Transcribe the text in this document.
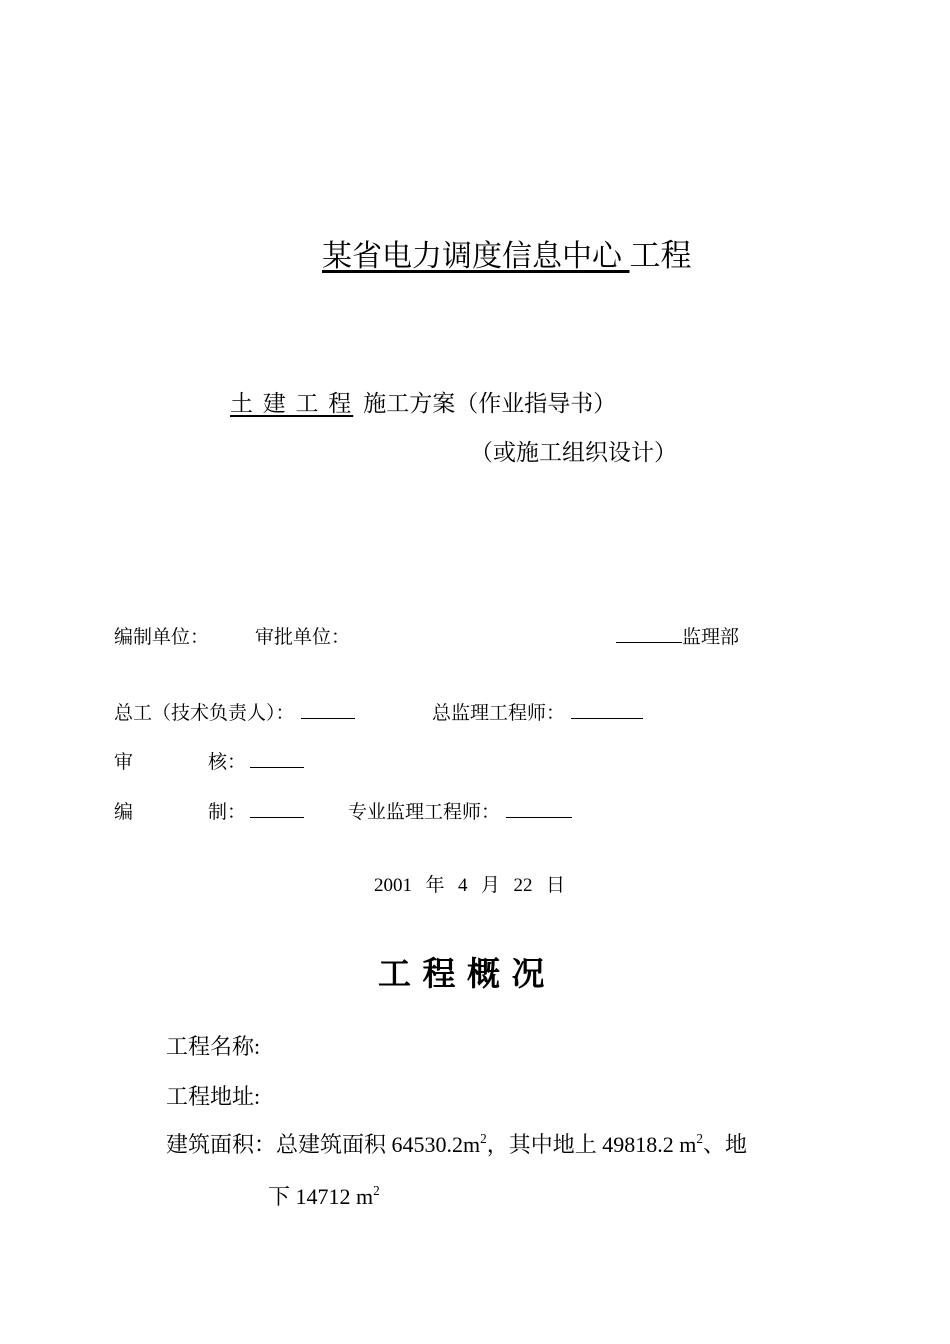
某省电力调度信息中心 工程
土 建 工 程 施工方案（作业指导书）
（或施工组织设计）
编制单位： 审批单位：	监理部
总工（技术负责人）：	总监理工程师：
审	核：
编	制：	专业监理工程师：
2001 年 4 月 22 日
工 程 概 况
工程名称:
工程地址:
建筑面积：总建筑面积 $64530.2m^2$，其中地上 49818.2 $m^2$、地
下 14712 $m^2$
